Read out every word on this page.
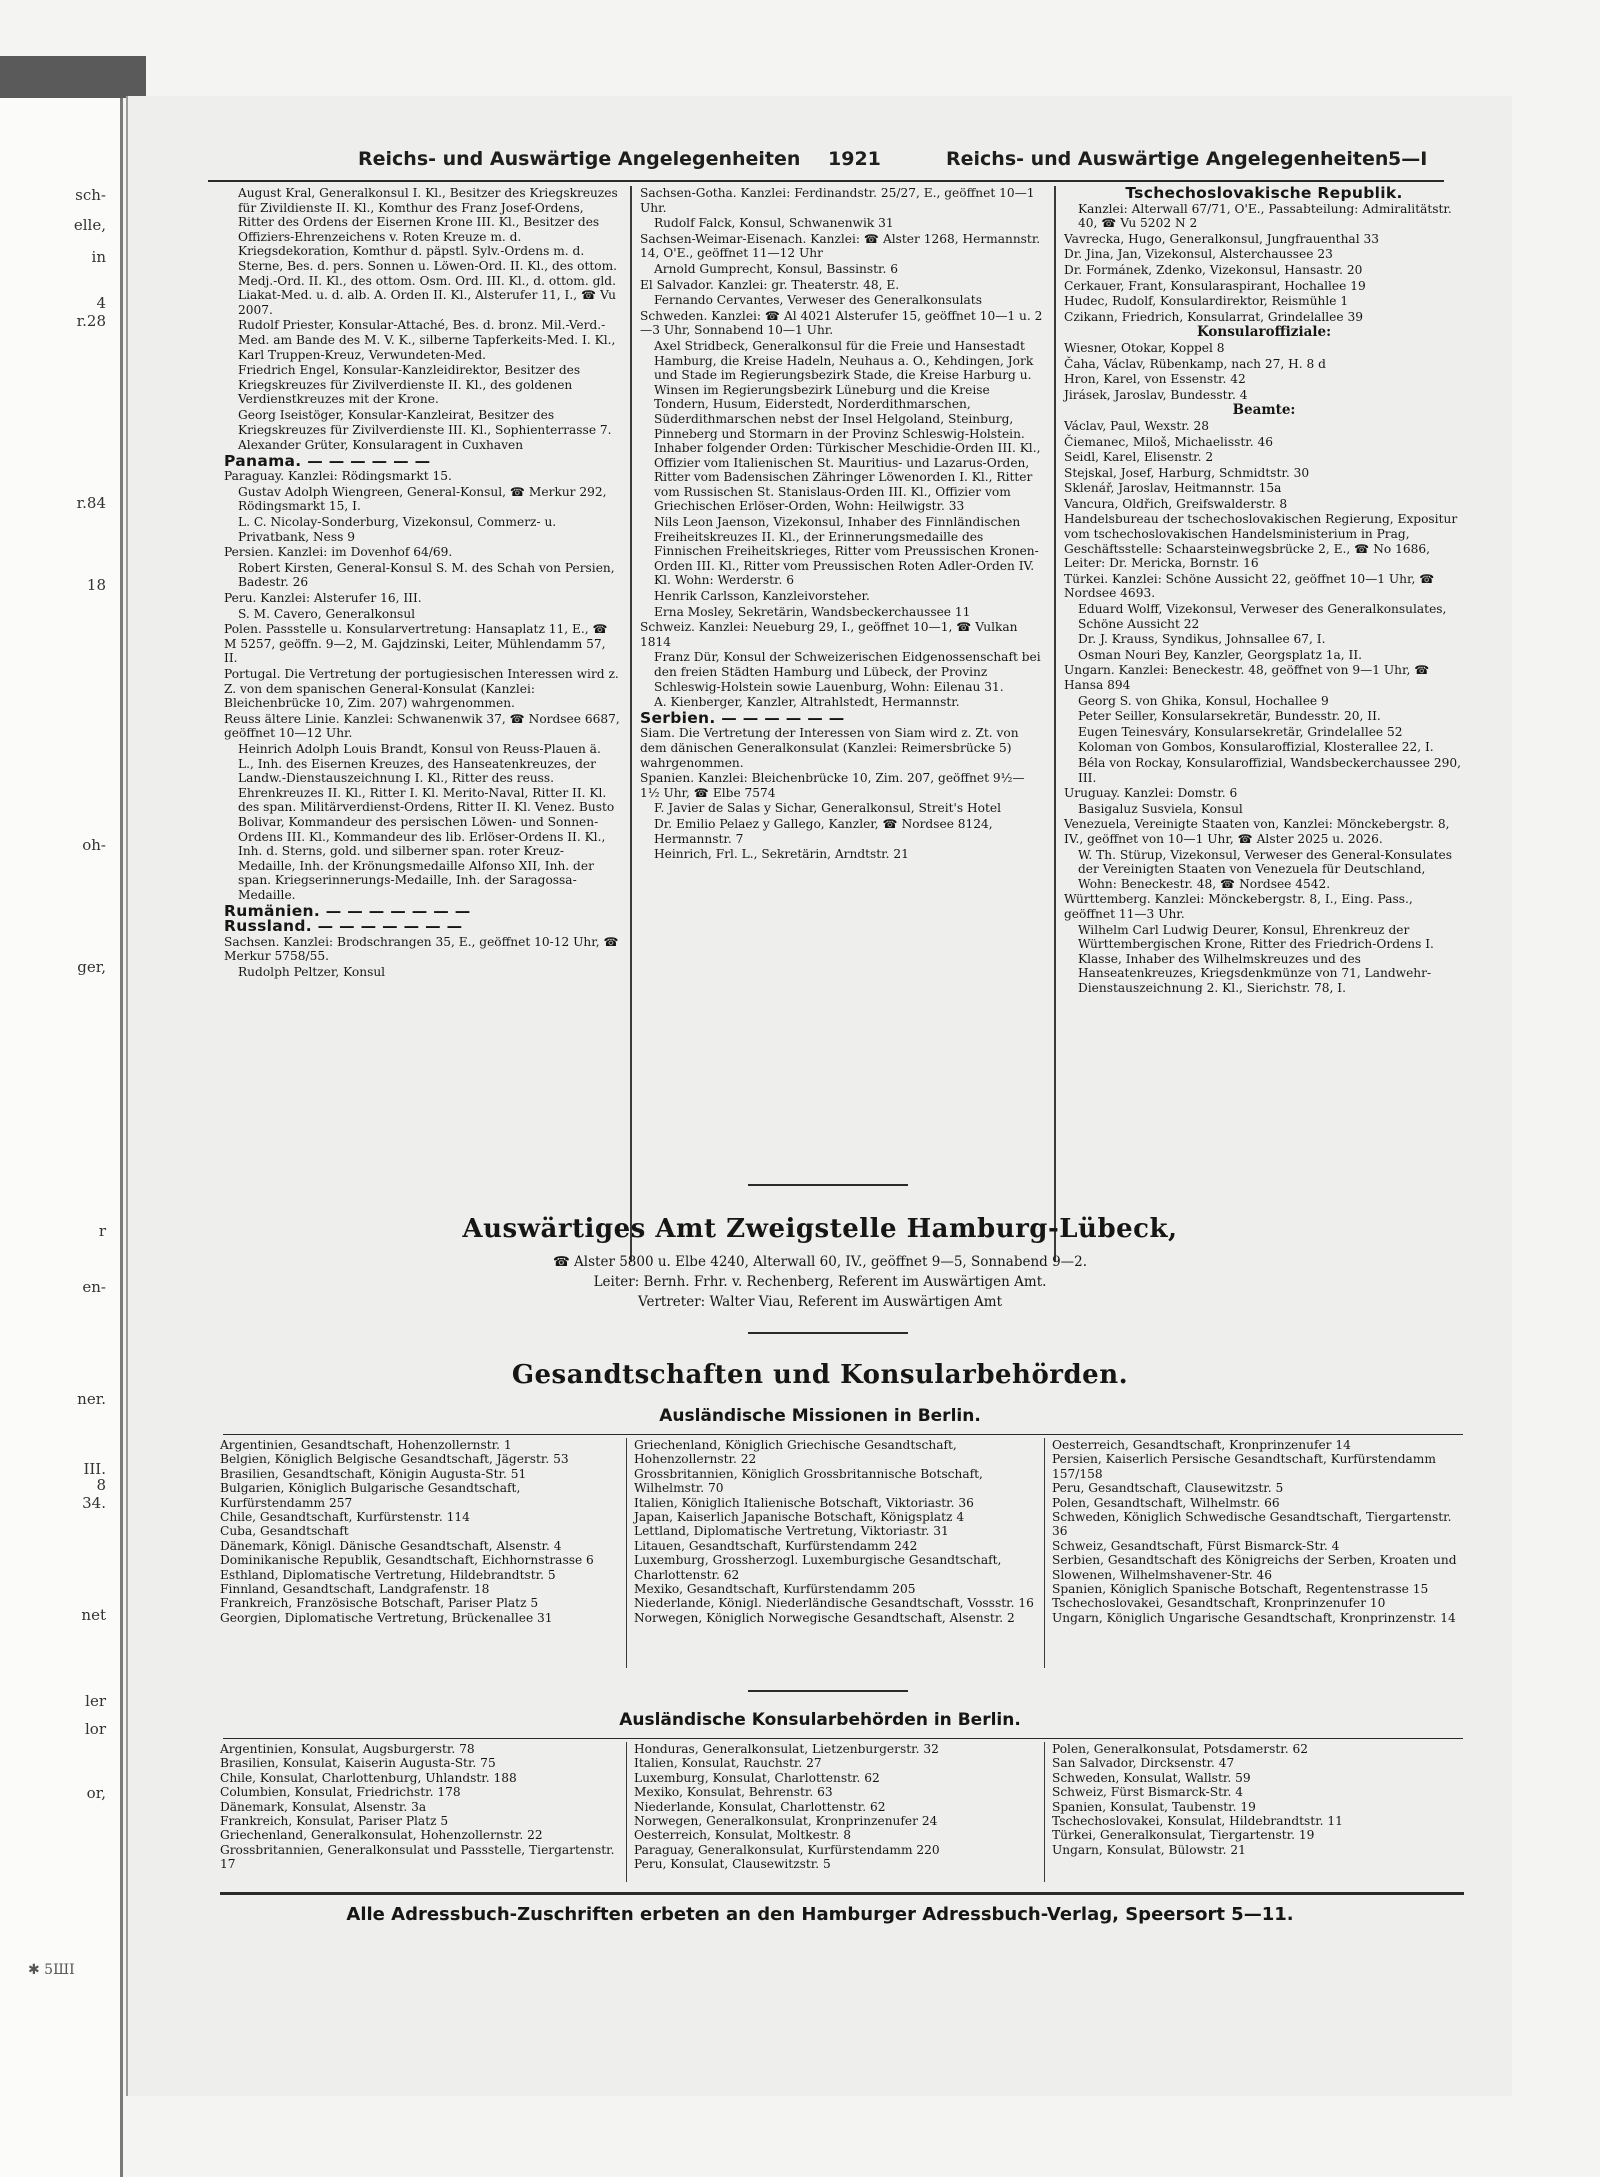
sch-
elle,
in
4
r.28
r.84
18
oh-
ger,
r
en-
ner.
III.
8
34.
net
ler
lor
or,
Reichs- und Auswärtige Angelegenheiten 1921	Reichs- und Auswärtige Angelegenheiten 5—I

August Kral, Generalkonsul I. Kl., Besitzer des Kriegskreuzes für Zivildienste II. Kl., Komthur des Franz Josef-Ordens, Ritter des Ordens der Eisernen Krone III. Kl., Besitzer des Offiziers-Ehrenzeichens v. Roten Kreuze m. d. Kriegsdekoration, Komthur d. päpstl. Sylv.-Ordens m. d. Sterne, Bes. d. pers. Sonnen u. Löwen-Ord. II. Kl., des ottom. Medj.-Ord. II. Kl., des ottom. Osm. Ord. III. Kl., d. ottom. gld. Liakat-Med. u. d. alb. A. Orden II. Kl., Alsterufer 11, I., ☎ Vu 2007.

Rudolf Priester, Konsular-Attaché, Bes. d. bronz. Mil.-Verd.-Med. am Bande des M. V. K., silberne Tapferkeits-Med. I. Kl., Karl Truppen-Kreuz, Verwundeten-Med.

Friedrich Engel, Konsular-Kanzleidirektor, Besitzer des Kriegskreuzes für Zivilverdienste II. Kl., des goldenen Verdienstkreuzes mit der Krone.

Georg Iseistöger, Konsular-Kanzleirat, Besitzer des Kriegskreuzes für Zivilverdienste III. Kl., Sophienterrasse 7.

Alexander Grüter, Konsularagent in Cuxhaven

Panama. — — — — — —

Paraguay. Kanzlei: Rödingsmarkt 15.

Gustav Adolph Wiengreen, General-Konsul, ☎ Merkur 292, Rödingsmarkt 15, I.

L. C. Nicolay-Sonderburg, Vizekonsul, Commerz- u. Privatbank, Ness 9

Persien. Kanzlei: im Dovenhof 64/69.

Robert Kirsten, General-Konsul S. M. des Schah von Persien, Badestr. 26

Peru. Kanzlei: Alsterufer 16, III.

S. M. Cavero, Generalkonsul

Polen. Passstelle u. Konsularvertretung: Hansaplatz 11, E., ☎ M 5257, geöffn. 9—2, M. Gajdzinski, Leiter, Mühlendamm 57, II.

Portugal. Die Vertretung der portugiesischen Interessen wird z. Z. von dem spanischen General-Konsulat (Kanzlei: Bleichenbrücke 10, Zim. 207) wahrgenommen.

Reuss ältere Linie. Kanzlei: Schwanenwik 37, ☎ Nordsee 6687, geöffnet 10—12 Uhr.

Heinrich Adolph Louis Brandt, Konsul von Reuss-Plauen ä. L., Inh. des Eisernen Kreuzes, des Hanseatenkreuzes, der Landw.-Dienstauszeichnung I. Kl., Ritter des reuss. Ehrenkreuzes II. Kl., Ritter I. Kl. Merito-Naval, Ritter II. Kl. des span. Militärverdienst-Ordens, Ritter II. Kl. Venez. Busto Bolivar, Kommandeur des persischen Löwen- und Sonnen-Ordens III. Kl., Kommandeur des lib. Erlöser-Ordens II. Kl., Inh. d. Sterns, gold. und silberner span. roter Kreuz-Medaille, Inh. der Krönungsmedaille Alfonso XII, Inh. der span. Kriegserinnerungs-Medaille, Inh. der Saragossa-Medaille.

Rumänien. — — — — — — —

Russland. — — — — — — —

Sachsen. Kanzlei: Brodschrangen 35, E., geöffnet 10-12 Uhr, ☎ Merkur 5758/55.

Rudolph Peltzer, Konsul

Sachsen-Gotha. Kanzlei: Ferdinandstr. 25/27, E., geöffnet 10—1 Uhr.

Rudolf Falck, Konsul, Schwanenwik 31

Sachsen-Weimar-Eisenach. Kanzlei: ☎ Alster 1268, Hermannstr. 14, O'E., geöffnet 11—12 Uhr

Arnold Gumprecht, Konsul, Bassinstr. 6

El Salvador. Kanzlei: gr. Theaterstr. 48, E.

Fernando Cervantes, Verweser des Generalkonsulats

Schweden. Kanzlei: ☎ Al 4021 Alsterufer 15, geöffnet 10—1 u. 2—3 Uhr, Sonnabend 10—1 Uhr.

Axel Stridbeck, Generalkonsul für die Freie und Hansestadt Hamburg, die Kreise Hadeln, Neuhaus a. O., Kehdingen, Jork und Stade im Regierungsbezirk Stade, die Kreise Harburg u. Winsen im Regierungsbezirk Lüneburg und die Kreise Tondern, Husum, Eiderstedt, Norderdithmarschen, Süderdithmarschen nebst der Insel Helgoland, Steinburg, Pinneberg und Stormarn in der Provinz Schleswig-Holstein. Inhaber folgender Orden: Türkischer Meschidie-Orden III. Kl., Offizier vom Italienischen St. Mauritius- und Lazarus-Orden, Ritter vom Badensischen Zähringer Löwenorden I. Kl., Ritter vom Russischen St. Stanislaus-Orden III. Kl., Offizier vom Griechischen Erlöser-Orden, Wohn: Heilwigstr. 33

Nils Leon Jaenson, Vizekonsul, Inhaber des Finnländischen Freiheitskreuzes II. Kl., der Erinnerungsmedaille des Finnischen Freiheitskrieges, Ritter vom Preussischen Kronen-Orden III. Kl., Ritter vom Preussischen Roten Adler-Orden IV. Kl. Wohn: Werderstr. 6

Henrik Carlsson, Kanzleivorsteher.

Erna Mosley, Sekretärin, Wandsbeckerchaussee 11

Schweiz. Kanzlei: Neueburg 29, I., geöffnet 10—1, ☎ Vulkan 1814

Franz Dür, Konsul der Schweizerischen Eidgenossenschaft bei den freien Städten Hamburg und Lübeck, der Provinz Schleswig-Holstein sowie Lauenburg, Wohn: Eilenau 31.

A. Kienberger, Kanzler, Altrahlstedt, Hermannstr.

Serbien. — — — — — —

Siam. Die Vertretung der Interessen von Siam wird z. Zt. von dem dänischen Generalkonsulat (Kanzlei: Reimersbrücke 5) wahrgenommen.

Spanien. Kanzlei: Bleichenbrücke 10, Zim. 207, geöffnet 9½—1½ Uhr, ☎ Elbe 7574

F. Javier de Salas y Sichar, Generalkonsul, Streit's Hotel

Dr. Emilio Pelaez y Gallego, Kanzler, ☎ Nordsee 8124, Hermannstr. 7

Heinrich, Frl. L., Sekretärin, Arndtstr. 21

Tschechoslovakische Republik.

Kanzlei: Alterwall 67/71, O'E., Passabteilung: Admiralitätstr. 40, ☎ Vu 5202 N 2

Vavrecka, Hugo, Generalkonsul, Jungfrauenthal 33

Dr. Jina, Jan, Vizekonsul, Alsterchaussee 23

Dr. Formánek, Zdenko, Vizekonsul, Hansastr. 20

Cerkauer, Frant, Konsularaspirant, Hochallee 19

Hudec, Rudolf, Konsulardirektor, Reismühle 1

Czikann, Friedrich, Konsularrat, Grindelallee 39

Konsularoffiziale:

Wiesner, Otokar, Koppel 8

Čaha, Václav, Rübenkamp, nach 27, H. 8 d

Hron, Karel, von Essenstr. 42

Jirásek, Jaroslav, Bundesstr. 4

Beamte:

Václav, Paul, Wexstr. 28

Čiemanec, Miloš, Michaelisstr. 46

Seidl, Karel, Elisenstr. 2

Stejskal, Josef, Harburg, Schmidtstr. 30

Sklenář, Jaroslav, Heitmannstr. 15a

Vancura, Oldřich, Greifswalderstr. 8

Handelsbureau der tschechoslovakischen Regierung, Expositur vom tschechoslovakischen Handelsministerium in Prag, Geschäftsstelle: Schaarsteinwegsbrücke 2, E., ☎ No 1686, Leiter: Dr. Mericka, Bornstr. 16

Türkei. Kanzlei: Schöne Aussicht 22, geöffnet 10—1 Uhr, ☎ Nordsee 4693.

Eduard Wolff, Vizekonsul, Verweser des Generalkonsulates, Schöne Aussicht 22

Dr. J. Krauss, Syndikus, Johnsallee 67, I.

Osman Nouri Bey, Kanzler, Georgsplatz 1a, II.

Ungarn. Kanzlei: Beneckestr. 48, geöffnet von 9—1 Uhr, ☎ Hansa 894

Georg S. von Ghika, Konsul, Hochallee 9

Peter Seiller, Konsularsekretär, Bundesstr. 20, II.

Eugen Teinesváry, Konsularsekretär, Grindelallee 52

Koloman von Gombos, Konsularoffizial, Klosterallee 22, I.

Béla von Rockay, Konsularoffizial, Wandsbeckerchaussee 290, III.

Uruguay. Kanzlei: Domstr. 6

Basigaluz Susviela, Konsul

Venezuela, Vereinigte Staaten von, Kanzlei: Mönckebergstr. 8, IV., geöffnet von 10—1 Uhr, ☎ Alster 2025 u. 2026.

W. Th. Stürup, Vizekonsul, Verweser des General-Konsulates der Vereinigten Staaten von Venezuela für Deutschland, Wohn: Beneckestr. 48, ☎ Nordsee 4542.

Württemberg. Kanzlei: Mönckebergstr. 8, I., Eing. Pass., geöffnet 11—3 Uhr.

Wilhelm Carl Ludwig Deurer, Konsul, Ehrenkreuz der Württembergischen Krone, Ritter des Friedrich-Ordens I. Klasse, Inhaber des Wilhelmskreuzes und des Hanseatenkreuzes, Kriegsdenkmünze von 71, Landwehr-Dienstauszeichnung 2. Kl., Sierichstr. 78, I.

Auswärtiges Amt Zweigstelle Hamburg-Lübeck,
☎ Alster 5800 u. Elbe 4240, Alterwall 60, IV., geöffnet 9—5, Sonnabend 9—2.
Leiter: Bernh. Frhr. v. Rechenberg, Referent im Auswärtigen Amt.
Vertreter: Walter Viau, Referent im Auswärtigen Amt
Gesandtschaften und Konsularbehörden.
Ausländische Missionen in Berlin.

Argentinien, Gesandtschaft, Hohenzollernstr. 1

Belgien, Königlich Belgische Gesandtschaft, Jägerstr. 53

Brasilien, Gesandtschaft, Königin Augusta-Str. 51

Bulgarien, Königlich Bulgarische Gesandtschaft, Kurfürstendamm 257

Chile, Gesandtschaft, Kurfürstenstr. 114

Cuba, Gesandtschaft

Dänemark, Königl. Dänische Gesandtschaft, Alsenstr. 4

Dominikanische Republik, Gesandtschaft, Eichhornstrasse 6

Esthland, Diplomatische Vertretung, Hildebrandtstr. 5

Finnland, Gesandtschaft, Landgrafenstr. 18

Frankreich, Französische Botschaft, Pariser Platz 5

Georgien, Diplomatische Vertretung, Brückenallee 31

Griechenland, Königlich Griechische Gesandtschaft, Hohenzollernstr. 22

Grossbritannien, Königlich Grossbritannische Botschaft, Wilhelmstr. 70

Italien, Königlich Italienische Botschaft, Viktoriastr. 36

Japan, Kaiserlich Japanische Botschaft, Königsplatz 4

Lettland, Diplomatische Vertretung, Viktoriastr. 31

Litauen, Gesandtschaft, Kurfürstendamm 242

Luxemburg, Grossherzogl. Luxemburgische Gesandtschaft, Charlottenstr. 62

Mexiko, Gesandtschaft, Kurfürstendamm 205

Niederlande, Königl. Niederländische Gesandtschaft, Vossstr. 16

Norwegen, Königlich Norwegische Gesandtschaft, Alsenstr. 2

Oesterreich, Gesandtschaft, Kronprinzenufer 14

Persien, Kaiserlich Persische Gesandtschaft, Kurfürstendamm 157/158

Peru, Gesandtschaft, Clausewitzstr. 5

Polen, Gesandtschaft, Wilhelmstr. 66

Schweden, Königlich Schwedische Gesandtschaft, Tiergartenstr. 36

Schweiz, Gesandtschaft, Fürst Bismarck-Str. 4

Serbien, Gesandtschaft des Königreichs der Serben, Kroaten und Slowenen, Wilhelmshavener-Str. 46

Spanien, Königlich Spanische Botschaft, Regentenstrasse 15

Tschechoslovakei, Gesandtschaft, Kronprinzenufer 10

Ungarn, Königlich Ungarische Gesandtschaft, Kronprinzenstr. 14

Ausländische Konsularbehörden in Berlin.

Argentinien, Konsulat, Augsburgerstr. 78

Brasilien, Konsulat, Kaiserin Augusta-Str. 75

Chile, Konsulat, Charlottenburg, Uhlandstr. 188

Columbien, Konsulat, Friedrichstr. 178

Dänemark, Konsulat, Alsenstr. 3a

Frankreich, Konsulat, Pariser Platz 5

Griechenland, Generalkonsulat, Hohenzollernstr. 22

Grossbritannien, Generalkonsulat und Passstelle, Tiergartenstr. 17

Honduras, Generalkonsulat, Lietzenburgerstr. 32

Italien, Konsulat, Rauchstr. 27

Luxemburg, Konsulat, Charlottenstr. 62

Mexiko, Konsulat, Behrenstr. 63

Niederlande, Konsulat, Charlottenstr. 62

Norwegen, Generalkonsulat, Kronprinzenufer 24

Oesterreich, Konsulat, Moltkestr. 8

Paraguay, Generalkonsulat, Kurfürstendamm 220

Peru, Konsulat, Clausewitzstr. 5

Polen, Generalkonsulat, Potsdamerstr. 62

San Salvador, Dircksenstr. 47

Schweden, Konsulat, Wallstr. 59

Schweiz, Fürst Bismarck-Str. 4

Spanien, Konsulat, Taubenstr. 19

Tschechoslovakei, Konsulat, Hildebrandtstr. 11

Türkei, Generalkonsulat, Tiergartenstr. 19

Ungarn, Konsulat, Bülowstr. 21

Alle Adressbuch-Zuschriften erbeten an den Hamburger Adressbuch-Verlag, Speersort 5—11.
✱ 5ШI
